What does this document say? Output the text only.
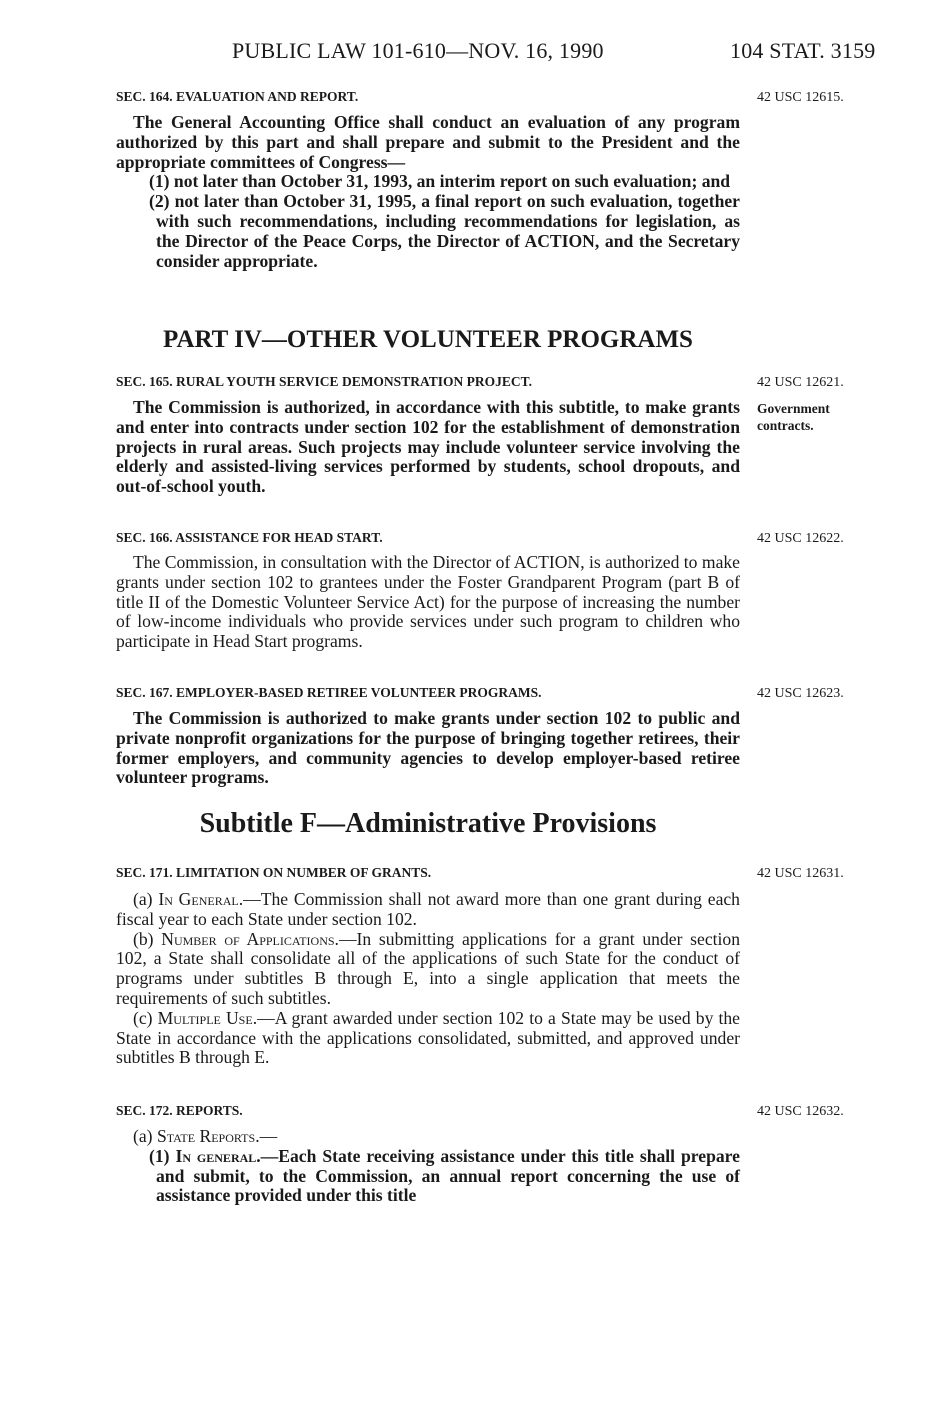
PUBLIC LAW 101-610—NOV. 16, 1990	104 STAT. 3159
SEC. 164. EVALUATION AND REPORT.	42 USC 12615.

The General Accounting Office shall conduct an evaluation of any program authorized by this part and shall prepare and submit to the President and the appropriate committees of Congress—

(1) not later than October 31, 1993, an interim report on such evaluation; and

(2) not later than October 31, 1995, a final report on such evaluation, together with such recommendations, including recommendations for legislation, as the Director of the Peace Corps, the Director of ACTION, and the Secretary consider appropriate.

PART IV—OTHER VOLUNTEER PROGRAMS
SEC. 165. RURAL YOUTH SERVICE DEMONSTRATION PROJECT.	42 USC 12621.
Government contracts.

The Commission is authorized, in accordance with this subtitle, to make grants and enter into contracts under section 102 for the establishment of demonstration projects in rural areas. Such projects may include volunteer service involving the elderly and assisted-living services performed by students, school dropouts, and out-of-school youth.

SEC. 166. ASSISTANCE FOR HEAD START.	42 USC 12622.

The Commission, in consultation with the Director of ACTION, is authorized to make grants under section 102 to grantees under the Foster Grandparent Program (part B of title II of the Domestic Volunteer Service Act) for the purpose of increasing the number of low-income individuals who provide services under such program to children who participate in Head Start programs.

SEC. 167. EMPLOYER-BASED RETIREE VOLUNTEER PROGRAMS.	42 USC 12623.

The Commission is authorized to make grants under section 102 to public and private nonprofit organizations for the purpose of bringing together retirees, their former employers, and community agencies to develop employer-based retiree volunteer programs.

Subtitle F—Administrative Provisions
SEC. 171. LIMITATION ON NUMBER OF GRANTS.	42 USC 12631.

(a) In General.—The Commission shall not award more than one grant during each fiscal year to each State under section 102.

(b) Number of Applications.—In submitting applications for a grant under section 102, a State shall consolidate all of the applications of such State for the conduct of programs under subtitles B through E, into a single application that meets the requirements of such subtitles.

(c) Multiple Use.—A grant awarded under section 102 to a State may be used by the State in accordance with the applications consolidated, submitted, and approved under subtitles B through E.

SEC. 172. REPORTS.	42 USC 12632.

(a) State Reports.—

(1) In general.—Each State receiving assistance under this title shall prepare and submit, to the Commission, an annual report concerning the use of assistance provided under this title
